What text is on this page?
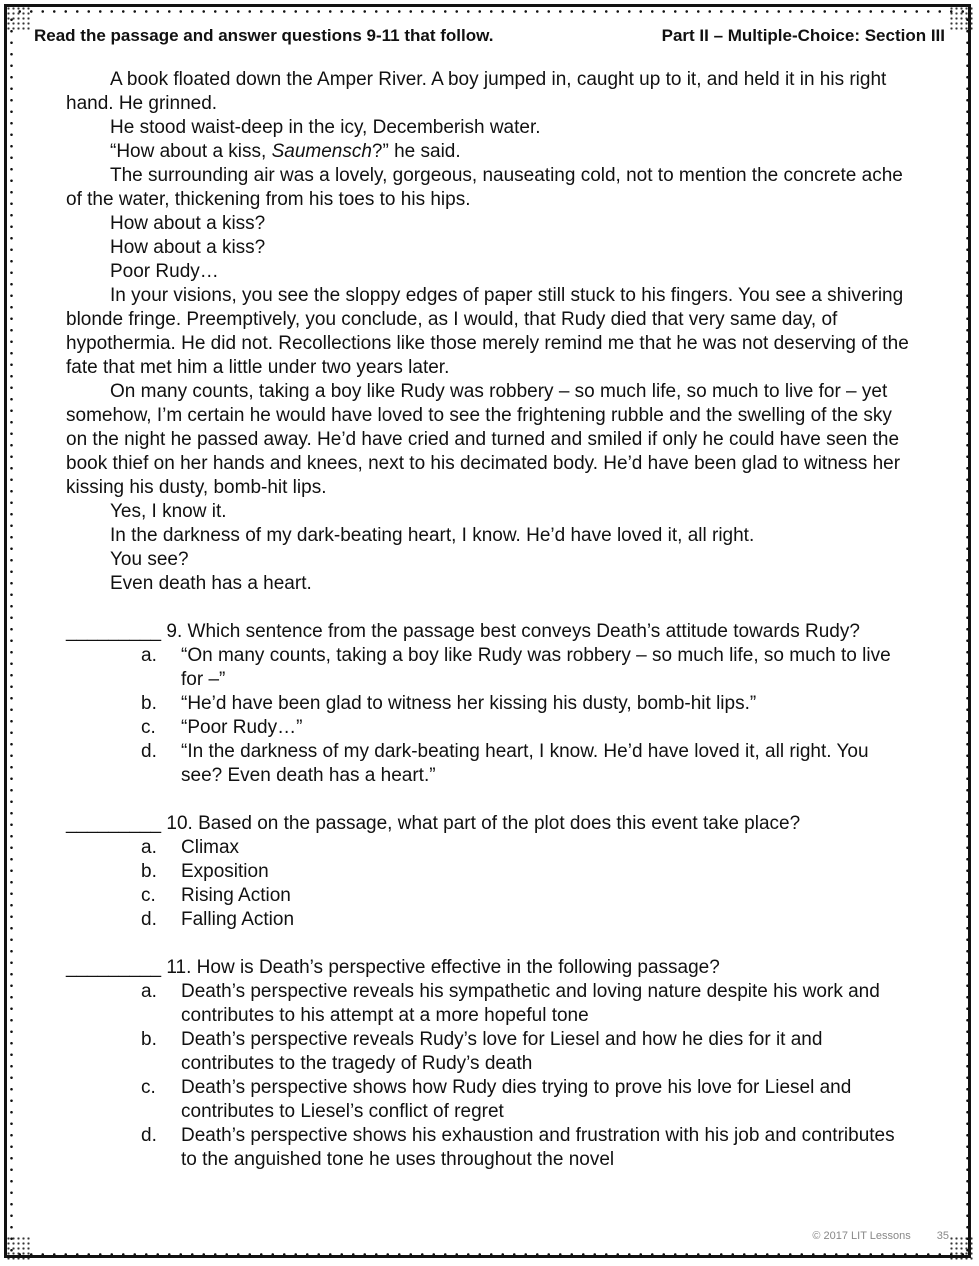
Read the passage and answer questions 9-11 that follow.	Part II – Multiple-Choice: Section III

A book floated down the Amper River. A boy jumped in, caught up to it, and held it in his right hand. He grinned.

He stood waist-deep in the icy, Decemberish water.

“How about a kiss, Saumensch?” he said.

The surrounding air was a lovely, gorgeous, nauseating cold, not to mention the concrete ache of the water, thickening from his toes to his hips.

How about a kiss?

How about a kiss?

Poor Rudy…

In your visions, you see the sloppy edges of paper still stuck to his fingers. You see a shivering blonde fringe. Preemptively, you conclude, as I would, that Rudy died that very same day, of hypothermia. He did not. Recollections like those merely remind me that he was not deserving of the fate that met him a little under two years later.

On many counts, taking a boy like Rudy was robbery – so much life, so much to live for – yet somehow, I’m certain he would have loved to see the frightening rubble and the swelling of the sky on the night he passed away. He’d have cried and turned and smiled if only he could have seen the book thief on her hands and knees, next to his decimated body. He’d have been glad to witness her kissing his dusty, bomb-hit lips.

Yes, I know it.

In the darkness of my dark-beating heart, I know. He’d have loved it, all right.

You see?

Even death has a heart.

_________ 9. Which sentence from the passage best conveys Death’s attitude towards Rudy?

a.	“On many counts, taking a boy like Rudy was robbery – so much life, so much to live for –”
b.	“He’d have been glad to witness her kissing his dusty, bomb-hit lips.”
c.	“Poor Rudy…”
d.	“In the darkness of my dark-beating heart, I know. He’d have loved it, all right. You see? Even death has a heart.”

_________ 10. Based on the passage, what part of the plot does this event take place?

a.	Climax
b.	Exposition
c.	Rising Action
d.	Falling Action

_________ 11. How is Death’s perspective effective in the following passage?

a.	Death’s perspective reveals his sympathetic and loving nature despite his work and contributes to his attempt at a more hopeful tone
b.	Death’s perspective reveals Rudy’s love for Liesel and how he dies for it and contributes to the tragedy of Rudy’s death
c.	Death’s perspective shows how Rudy dies trying to prove his love for Liesel and contributes to Liesel’s conflict of regret
d.	Death’s perspective shows his exhaustion and frustration with his job and contributes to the anguished tone he uses throughout the novel
© 2017 LIT Lessons 35
